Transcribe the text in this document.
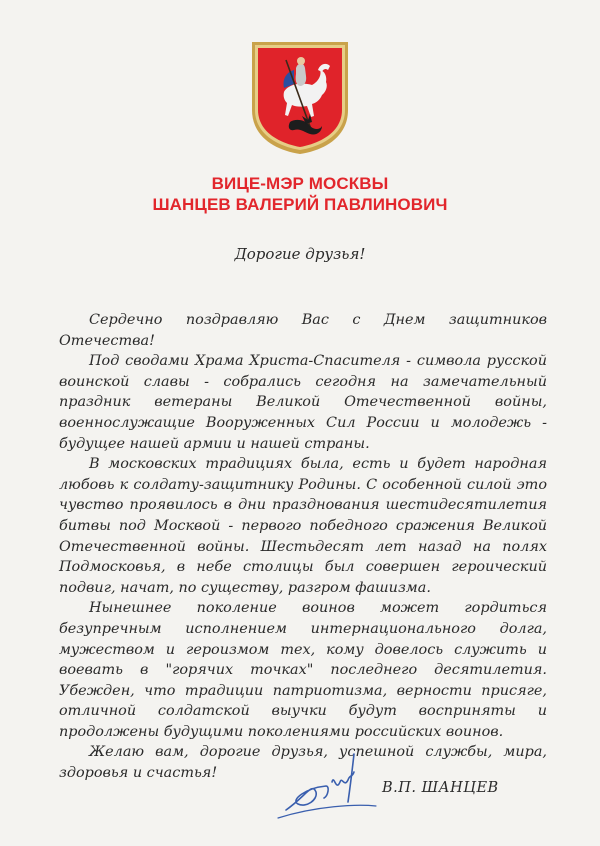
ВИЦЕ-МЭР МОСКВЫ
ШАНЦЕВ ВАЛЕРИЙ ПАВЛИНОВИЧ
Дорогие друзья!

Сердечно поздравляю Вас с Днем защитников Отечества!

Под сводами Храма Христа-Спасителя - символа русской воинской славы - собрались сегодня на замечательный праздник ветераны Великой Отечественной войны, военнослужащие Вооруженных Сил России и молодежь - будущее нашей армии и нашей страны.

В московских традициях была, есть и будет народная любовь к солдату-защитнику Родины. С особенной силой это чувство проявилось в дни празднования шестидесятилетия битвы под Москвой - первого победного сражения Великой Отечественной войны. Шестьдесят лет назад на полях Подмосковья, в небе столицы был совершен героический подвиг, начат, по существу, разгром фашизма.

Нынешнее поколение воинов может гордиться безупречным исполнением интернационального долга, мужеством и героизмом тех, кому довелось служить и воевать в "горячих точках" последнего десятилетия. Убежден, что традиции патриотизма, верности присяге, отличной солдатской выучки будут восприняты и продолжены будущими поколениями российских воинов.

Желаю вам, дорогие друзья, успешной службы, мира, здоровья и счастья!

В.П. ШАНЦЕВ
